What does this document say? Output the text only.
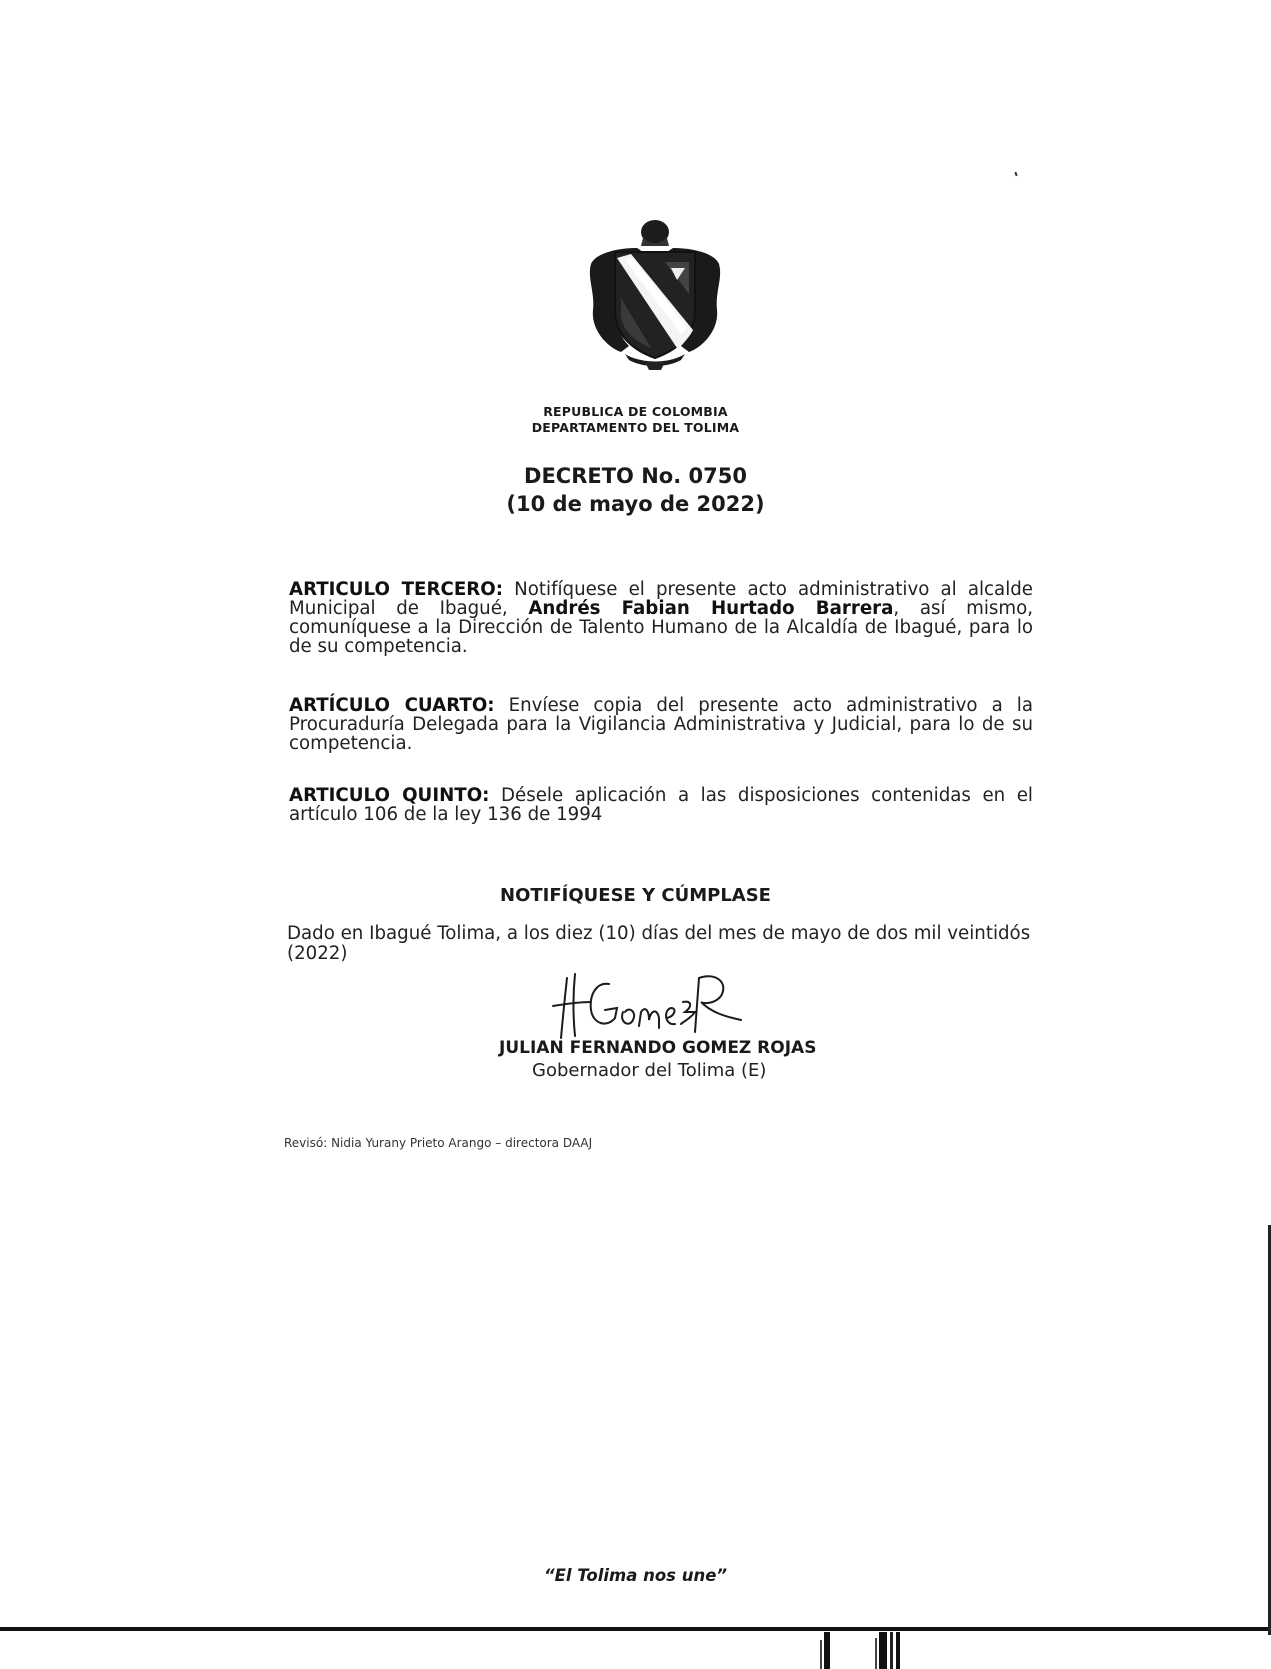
REPUBLICA DE COLOMBIA
DEPARTAMENTO DEL TOLIMA
DECRETO No. 0750
(10 de mayo de 2022)
ARTICULO TERCERO: Notifíquese el presente acto administrativo al alcalde Municipal de Ibagué, Andrés Fabian Hurtado Barrera, así mismo, comuníquese a la Dirección de Talento Humano de la Alcaldía de Ibagué, para lo de su competencia.
ARTÍCULO CUARTO: Envíese copia del presente acto administrativo a la Procuraduría Delegada para la Vigilancia Administrativa y Judicial, para lo de su competencia.
ARTICULO QUINTO: Désele aplicación a las disposiciones contenidas en el artículo 106 de la ley 136 de 1994
NOTIFÍQUESE Y CÚMPLASE
Dado en Ibagué Tolima, a los diez (10) días del mes de mayo de dos mil veintidós (2022)
JULIAN FERNANDO GOMEZ ROJAS
Gobernador del Tolima (E)
Revisó: Nidia Yurany Prieto Arango – directora DAAJ
“El Tolima nos une”
